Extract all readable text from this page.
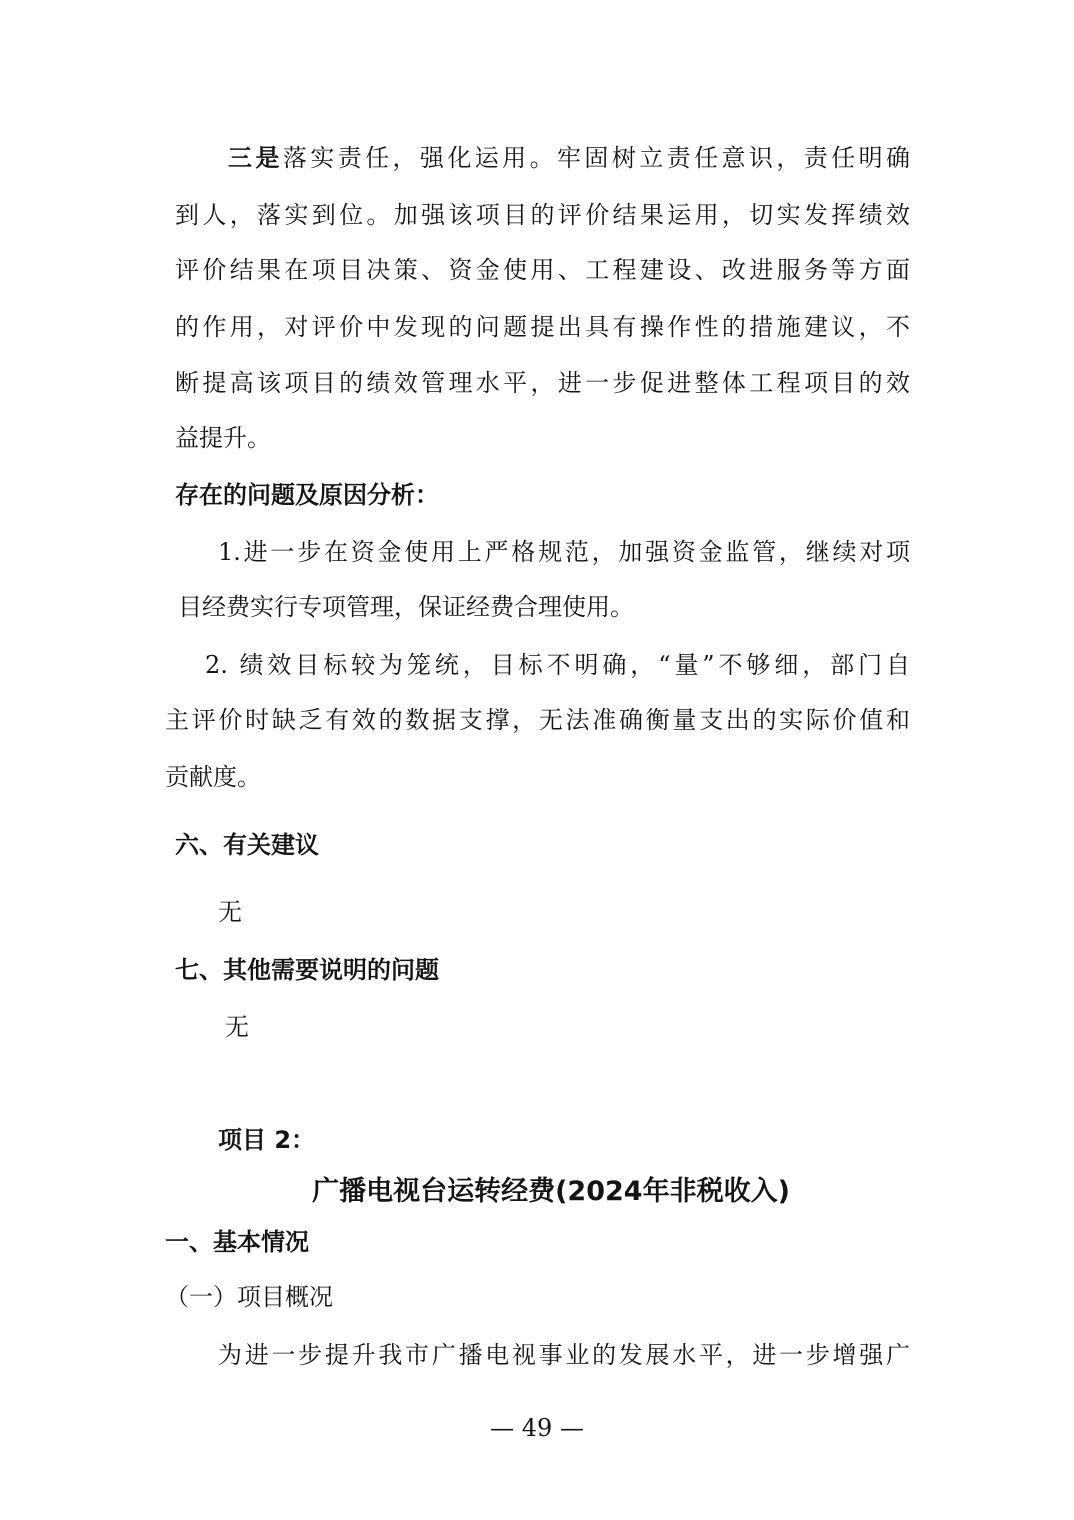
三是落实责任，强化运用。牢固树立责任意识，责任明确
到人，落实到位。加强该项目的评价结果运用，切实发挥绩效
评价结果在项目决策、资金使用、工程建设、改进服务等方面
的作用，对评价中发现的问题提出具有操作性的措施建议，不
断提高该项目的绩效管理水平，进一步促进整体工程项目的效
益提升。
存在的问题及原因分析：
1.进一步在资金使用上严格规范，加强资金监管，继续对项
目经费实行专项管理，保证经费合理使用。
2. 绩效目标较为笼统，目标不明确，“量”不够细，部门自
主评价时缺乏有效的数据支撑，无法准确衡量支出的实际价值和
贡献度。
六、有关建议
无
七、其他需要说明的问题
无
项目 2：
广播电视台运转经费(2024年非税收入)
一、基本情况
（一）项目概况
为进一步提升我市广播电视事业的发展水平，进一步增强广
— 49 —
